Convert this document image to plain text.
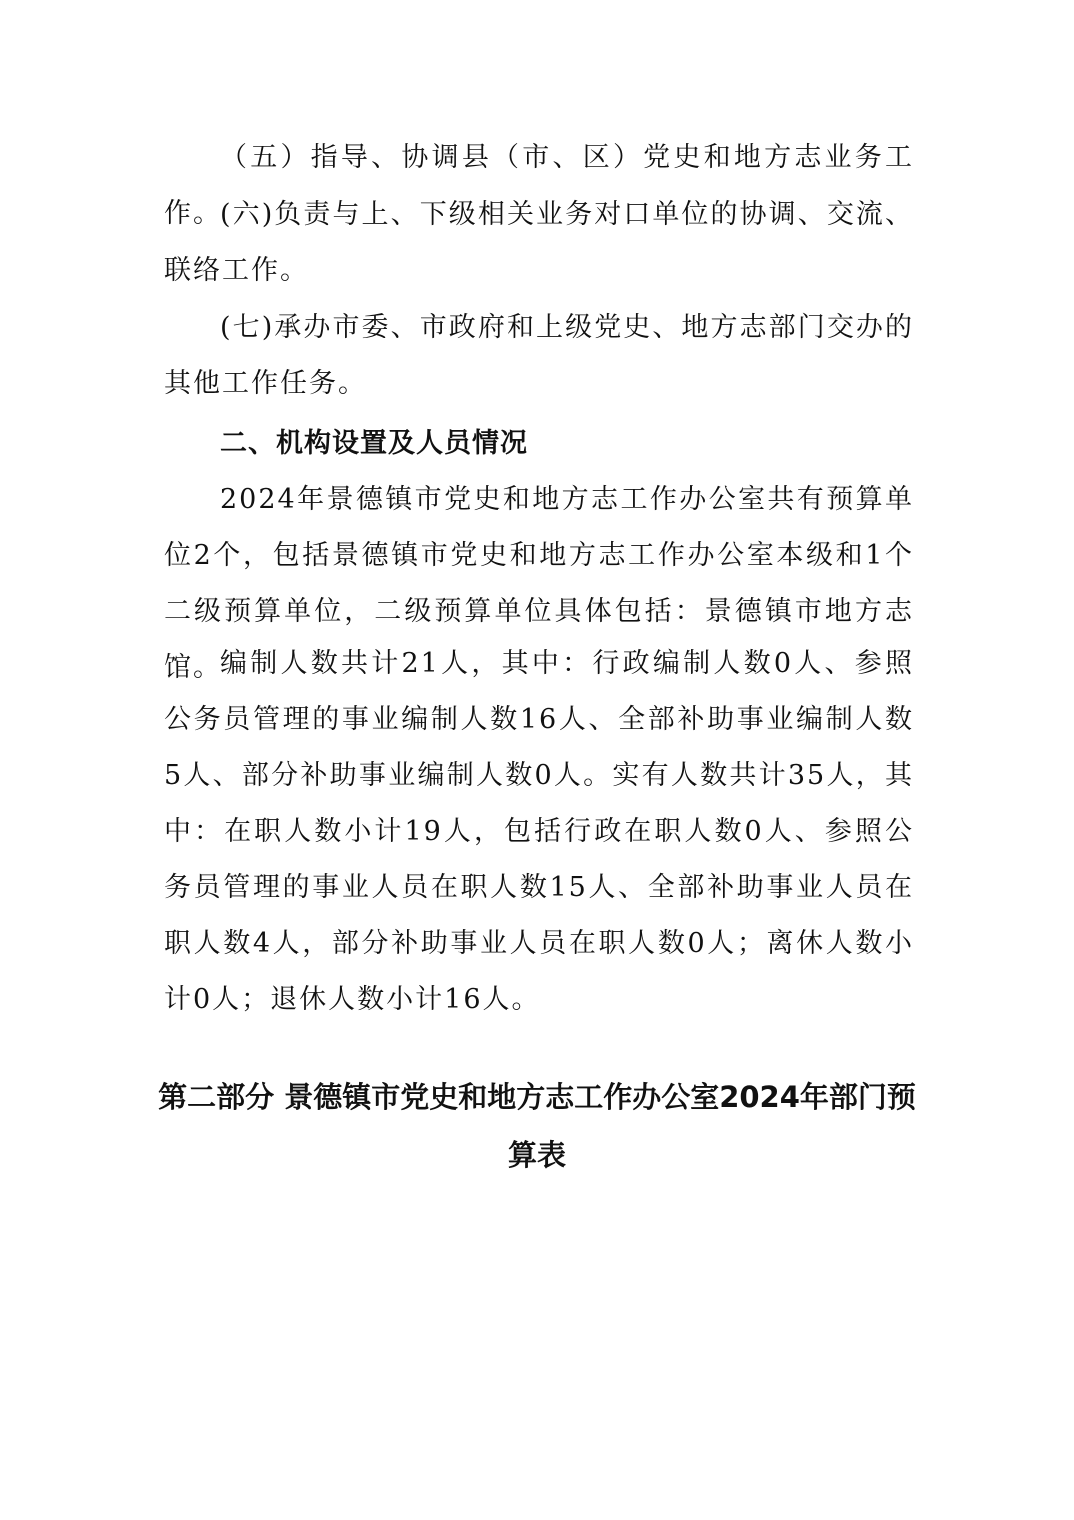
（五）指导、协调县（市、区）党史和地方志业务工作。

(六)负责与上、下级相关业务对口单位的协调、交流、联络工作。

(七)承办市委、市政府和上级党史、地方志部门交办的其他工作任务。

二、机构设置及人员情况

2024年景德镇市党史和地方志工作办公室共有预算单位2个，包括景德镇市党史和地方志工作办公室本级和1个二级预算单位，二级预算单位具体包括：景德镇市地方志馆。

编制人数共计21人，其中：行政编制人数0人、参照公务员管理的事业编制人数16人、全部补助事业编制人数5人、部分补助事业编制人数0人。实有人数共计35人，其中：在职人数小计19人，包括行政在职人数0人、参照公务员管理的事业人员在职人数15人、全部补助事业人员在职人数4人，部分补助事业人员在职人数0人；离休人数小计0人；退休人数小计16人。

第二部分 景德镇市党史和地方志工作办公室2024年部门预算表
